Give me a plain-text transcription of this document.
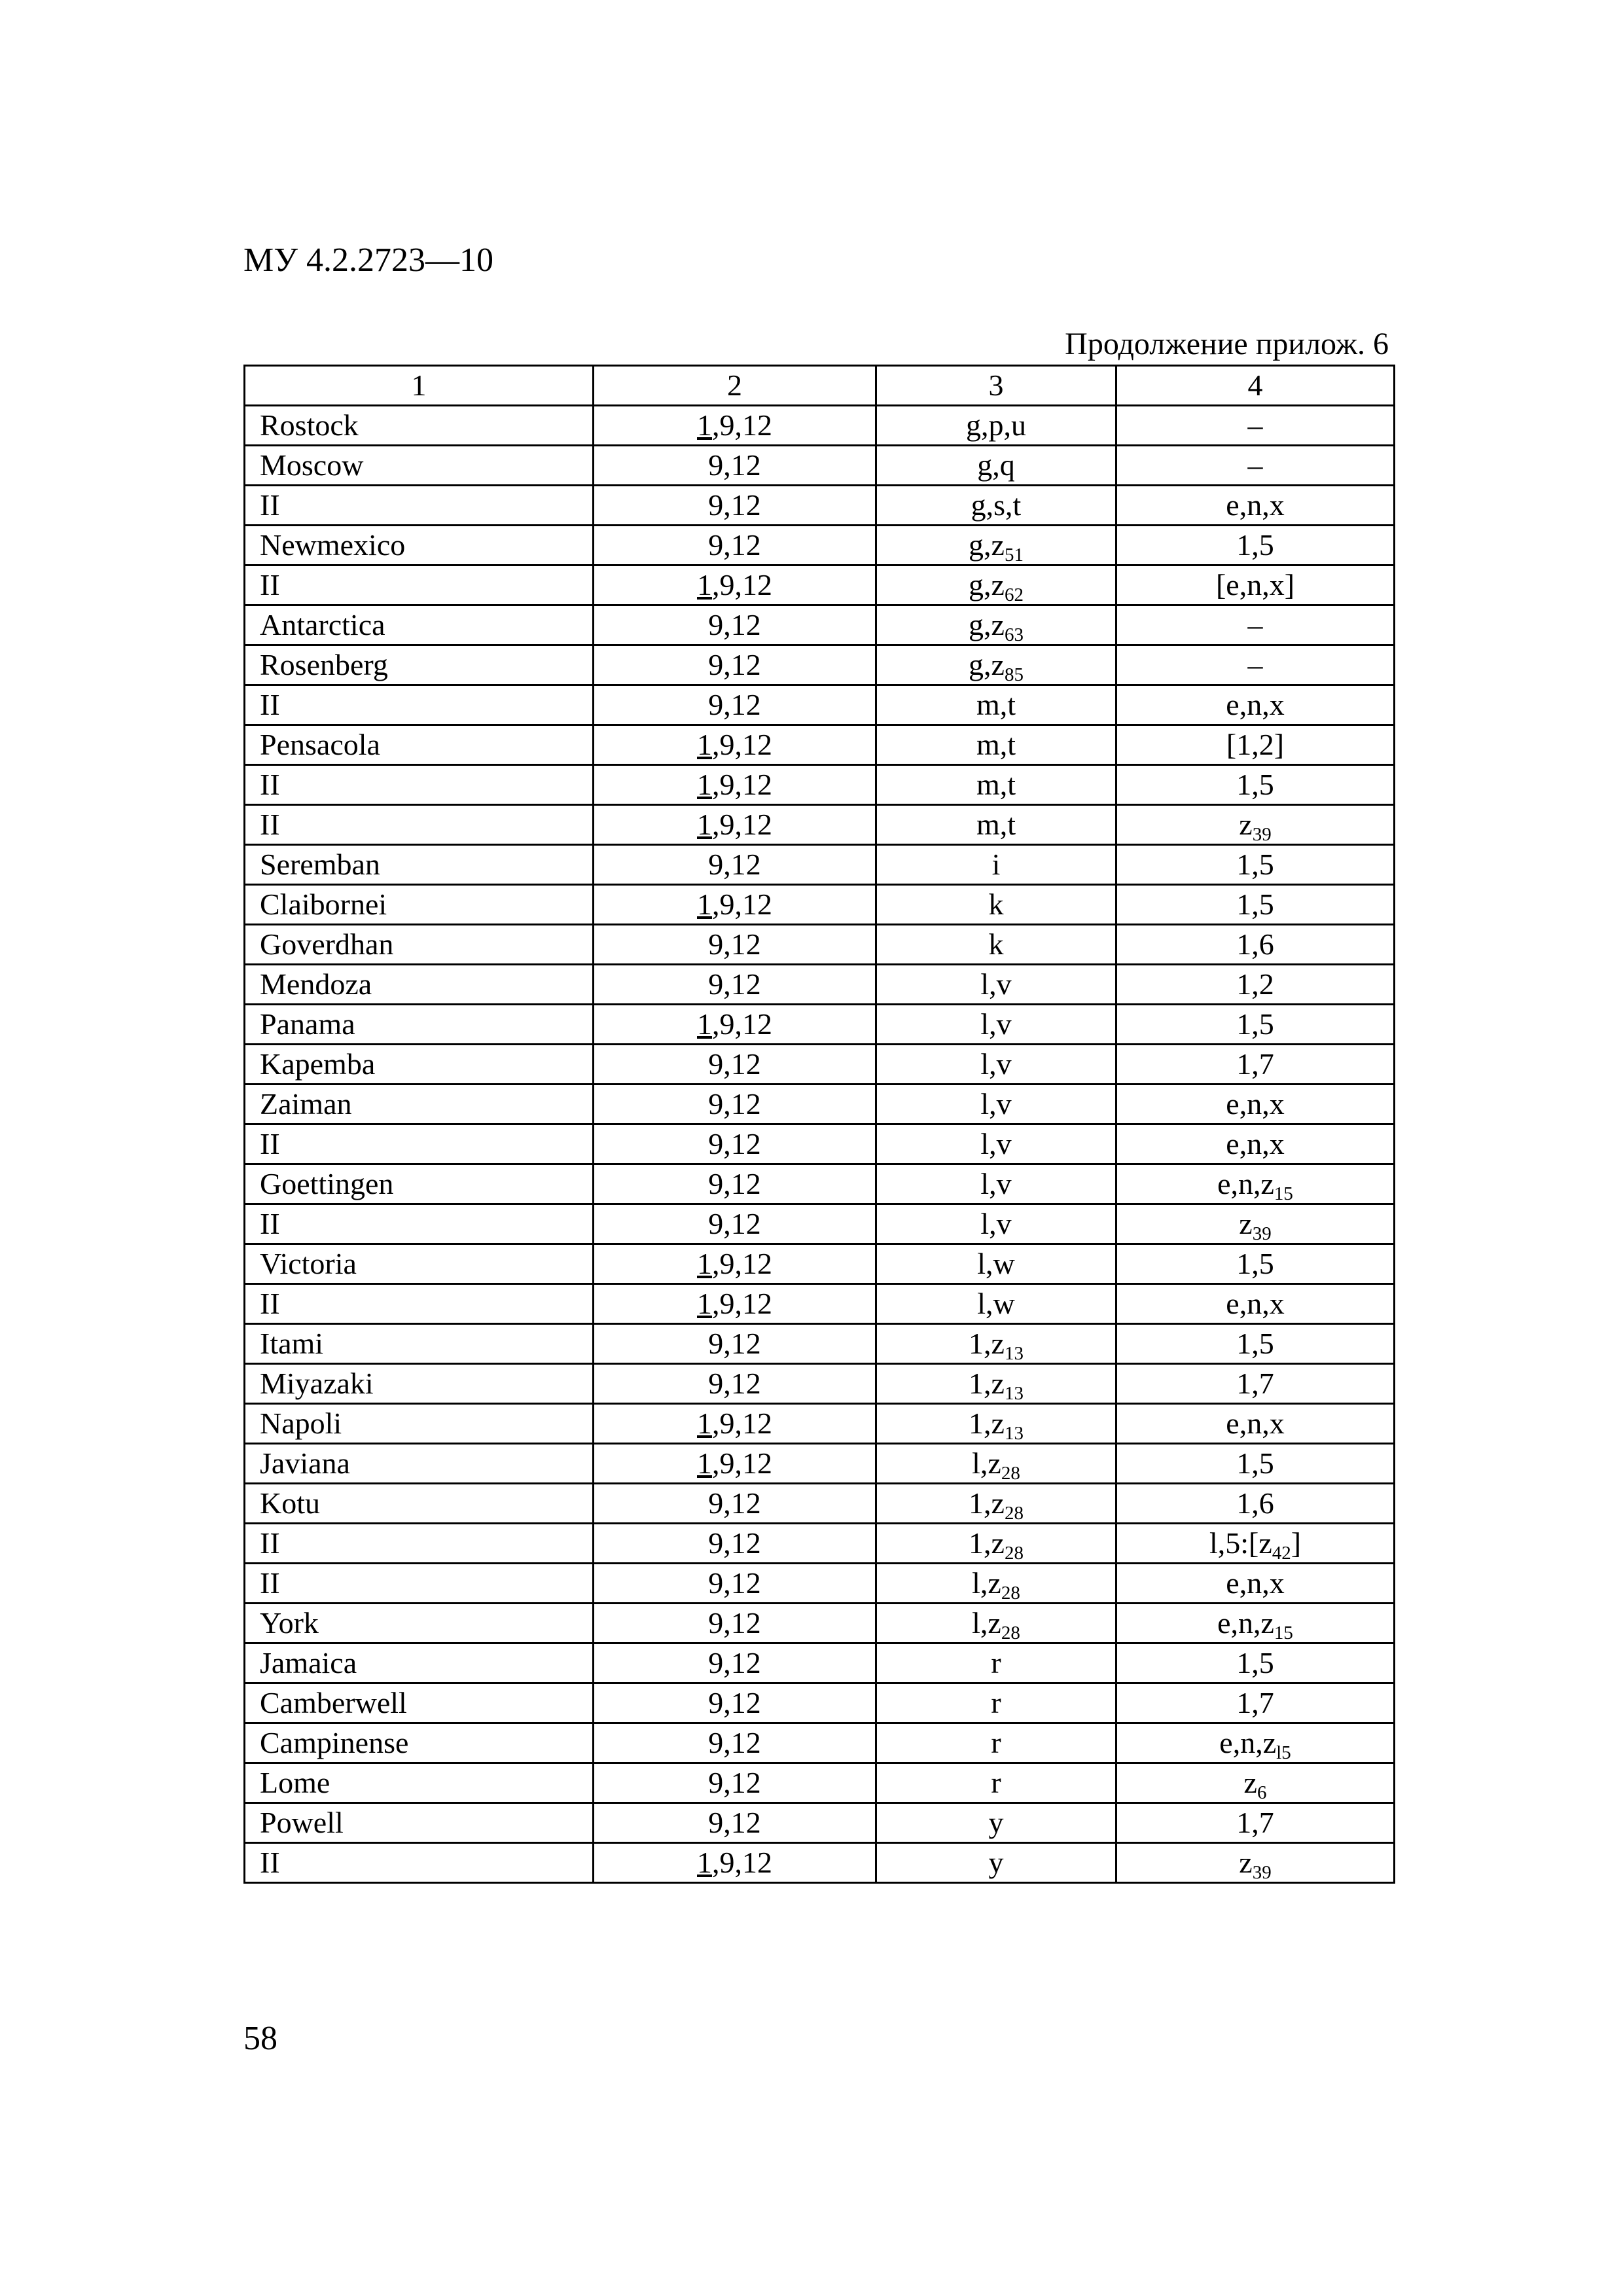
МУ 4.2.2723—10
Продолжение прилож. 6
1	2	3	4
Rostock	1,9,12	g,p,u	–
Moscow	9,12	g,q	–
II	9,12	g,s,t	e,n,x
Newmexico	9,12	$g,z_{51}$	1,5
II	1,9,12	$g,z_{62}$	[e,n,x]
Antarctica	9,12	$g,z_{63}$	–
Rosenberg	9,12	$g,z_{85}$	–
II	9,12	m,t	e,n,x
Pensacola	1,9,12	m,t	[1,2]
II	1,9,12	m,t	1,5
II	1,9,12	m,t	$z_{39}$
Seremban	9,12	i	1,5
Claibornei	1,9,12	k	1,5
Goverdhan	9,12	k	1,6
Mendoza	9,12	l,v	1,2
Panama	1,9,12	l,v	1,5
Kapemba	9,12	l,v	1,7
Zaiman	9,12	l,v	e,n,x
II	9,12	l,v	e,n,x
Goettingen	9,12	l,v	$e,n,z_{15}$
II	9,12	l,v	$z_{39}$
Victoria	1,9,12	l,w	1,5
II	1,9,12	l,w	e,n,x
Itami	9,12	$1,z_{13}$	1,5
Miyazaki	9,12	$1,z_{13}$	1,7
Napoli	1,9,12	$1,z_{13}$	e,n,x
Javiana	1,9,12	$l,z_{28}$	1,5
Kotu	9,12	$1,z_{28}$	1,6
II	9,12	$1,z_{28}$	$l,5:[z_{42}]$
II	9,12	$l,z_{28}$	e,n,x
York	9,12	$l,z_{28}$	$e,n,z_{15}$
Jamaica	9,12	r	1,5
Camberwell	9,12	r	1,7
Campinense	9,12	r	$e,n,z_{l5}$
Lome	9,12	r	$z_6$
Powell	9,12	y	1,7
II	1,9,12	y	$z_{39}$
58
